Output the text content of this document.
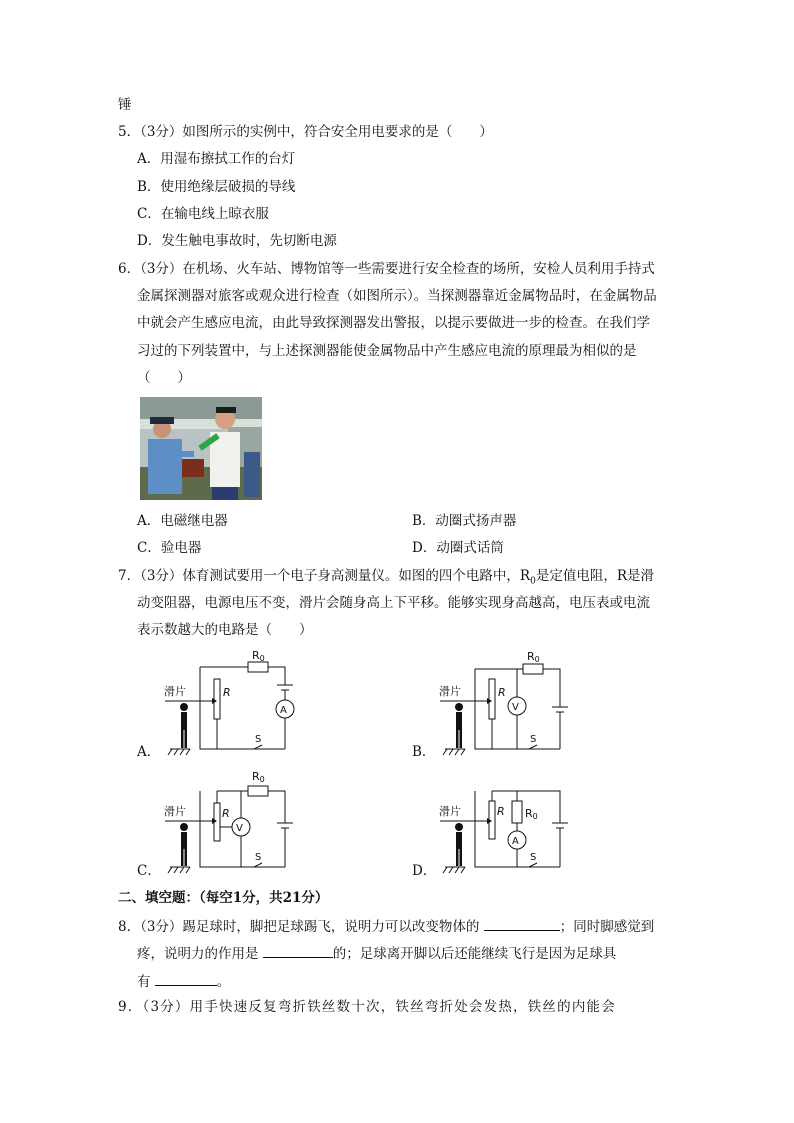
锤
5．（3分）如图所示的实例中，符合安全用电要求的是（　　）
A．用湿布擦拭工作的台灯
B．使用绝缘层破损的导线
C．在输电线上晾衣服
D．发生触电事故时，先切断电源
6．（3分）在机场、火车站、博物馆等一些需要进行安全检查的场所，安检人员利用手持式
金属探测器对旅客或观众进行检查（如图所示）。当探测器靠近金属物品时，在金属物品
中就会产生感应电流，由此导致探测器发出警报，以提示要做进一步的检查。在我们学
习过的下列装置中，与上述探测器能使金属物品中产生感应电流的原理最为相似的是
（　　）
A．电磁继电器	B．动圈式扬声器
C．验电器	D．动圈式话筒
7．（3分）体育测试要用一个电子身高测量仪。如图的四个电路中，$R_0$是定值电阻，R是滑
动变阻器，电源电压不变，滑片会随身高上下平移。能够实现身高越高，电压表或电流
表示数越大的电路是（　　）
A．
滑片	R
R0
A
S
B．
滑片	R
R0
V
S
C．
滑片	R
R0
V
S
D．
滑片	R R0
A
S
二、填空题：（每空1分，共21分）
8．（3分）踢足球时，脚把足球踢飞，说明力可以改变物体的	；同时脚感觉到
疼，说明力的作用是	的；足球离开脚以后还能继续飞行是因为足球具
有	。
9．（3分）用手快速反复弯折铁丝数十次，铁丝弯折处会发热，铁丝的内能会
